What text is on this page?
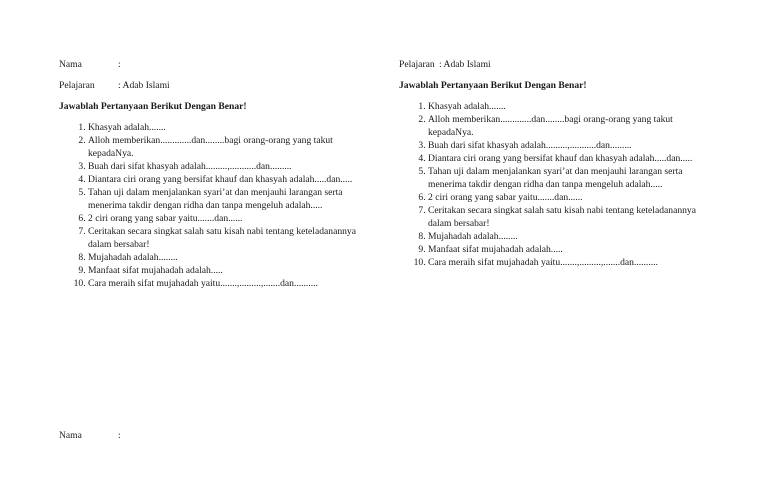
Nama	:
Pelajaran : Adab Islami
Jawablah Pertanyaan Berikut Dengan Benar!
1. Khasyah adalah.......
2. Alloh memberikan.............dan........bagi orang-orang yang takut kepadaNya.
3. Buah dari sifat khasyah adalah.........,...........dan.........
4. Diantara ciri orang yang bersifat khauf dan khasyah adalah.....dan.....
5. Tahan uji dalam menjalankan syari’at dan menjauhi larangan serta menerima takdir dengan ridha dan tanpa mengeluh adalah.....
6. 2 ciri orang yang sabar yaitu.......dan......
7. Ceritakan secara singkat salah satu kisah nabi tentang keteladanannya dalam bersabar!
8. Mujahadah adalah........
9. Manfaat sifat mujahadah adalah.....
10. Cara meraih sifat mujahadah yaitu.......,.........,.......dan..........
Pelajaran : Adab Islami
Jawablah Pertanyaan Berikut Dengan Benar!
1. Khasyah adalah.......
2. Alloh memberikan.............dan........bagi orang-orang yang takut kepadaNya.
3. Buah dari sifat khasyah adalah.........,...........dan.........
4. Diantara ciri orang yang bersifat khauf dan khasyah adalah.....dan.....
5. Tahan uji dalam menjalankan syari’at dan menjauhi larangan serta menerima takdir dengan ridha dan tanpa mengeluh adalah.....
6. 2 ciri orang yang sabar yaitu.......dan......
7. Ceritakan secara singkat salah satu kisah nabi tentang keteladanannya dalam bersabar!
8. Mujahadah adalah........
9. Manfaat sifat mujahadah adalah.....
10. Cara meraih sifat mujahadah yaitu.......,.........,.......dan..........
Nama	:
